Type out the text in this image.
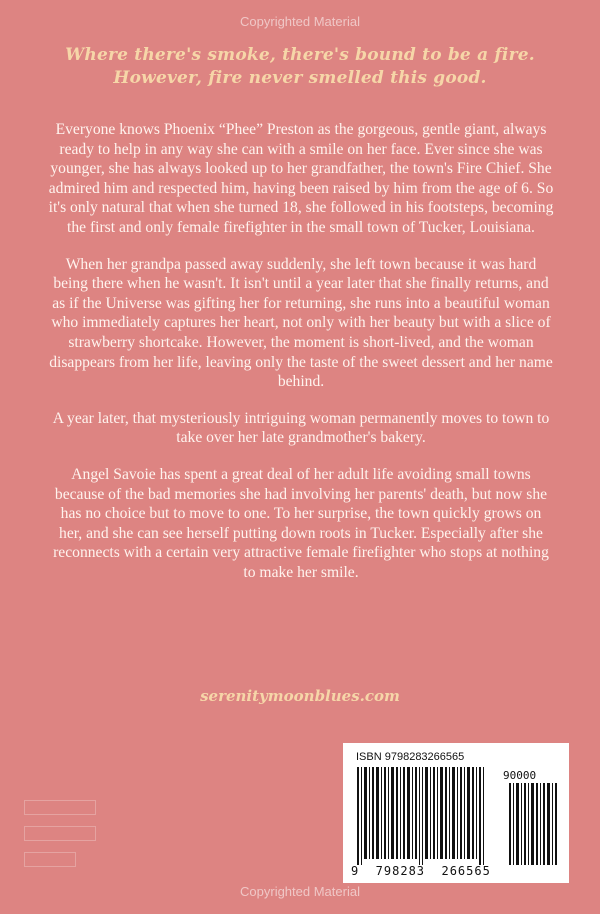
Copyrighted Material
Where there's smoke, there's bound to be a fire.
However, fire never smelled this good.

Everyone knows Phoenix “Phee” Preston as the gorgeous, gentle giant, always ready to help in any way she can with a smile on her face. Ever since she was younger, she has always looked up to her grandfather, the town's Fire Chief. She admired him and respected him, having been raised by him from the age of 6. So it's only natural that when she turned 18, she followed in his footsteps, becoming the first and only female firefighter in the small town of Tucker, Louisiana.

When her grandpa passed away suddenly, she left town because it was hard being there when he wasn't. It isn't until a year later that she finally returns, and as if the Universe was gifting her for returning, she runs into a beautiful woman who immediately captures her heart, not only with her beauty but with a slice of strawberry shortcake. However, the moment is short-lived, and the woman disappears from her life, leaving only the taste of the sweet dessert and her name behind.

A year later, that mysteriously intriguing woman permanently moves to town to take over her late grandmother's bakery.

Angel Savoie has spent a great deal of her adult life avoiding small towns because of the bad memories she had involving her parents' death, but now she has no choice but to move to one. To her surprise, the town quickly grows on her, and she can see herself putting down roots in Tucker. Especially after she reconnects with a certain very attractive female firefighter who stops at nothing to make her smile.

serenitymoonblues.com
ISBN 9798283266565
90000
9  798283  266565
Copyrighted Material
